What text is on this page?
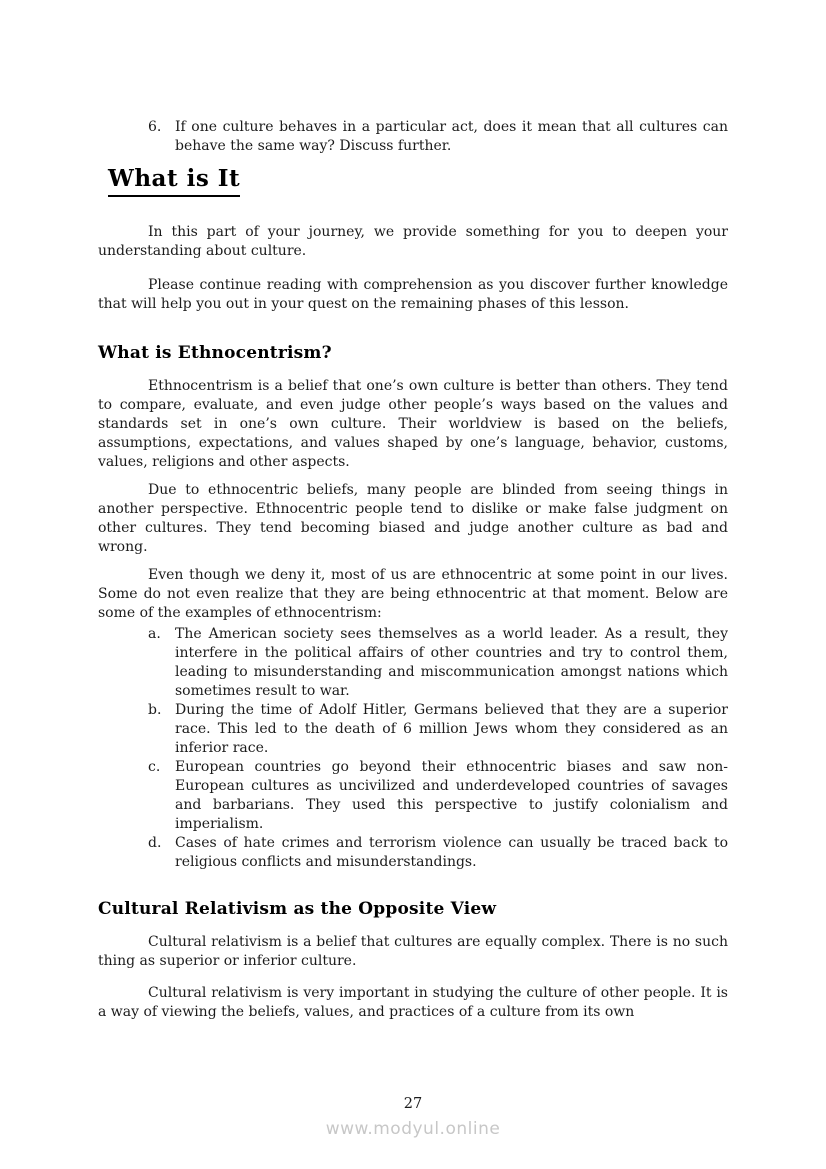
6. If one culture behaves in a particular act, does it mean that all cultures can behave the same way? Discuss further.
What is It

In this part of your journey, we provide something for you to deepen your understanding about culture.

Please continue reading with comprehension as you discover further knowledge that will help you out in your quest on the remaining phases of this lesson.

What is Ethnocentrism?

Ethnocentrism is a belief that one’s own culture is better than others. They tend to compare, evaluate, and even judge other people’s ways based on the values and standards set in one’s own culture. Their worldview is based on the beliefs, assumptions, expectations, and values shaped by one’s language, behavior, customs, values, religions and other aspects.

Due to ethnocentric beliefs, many people are blinded from seeing things in another perspective. Ethnocentric people tend to dislike or make false judgment on other cultures. They tend becoming biased and judge another culture as bad and wrong.

Even though we deny it, most of us are ethnocentric at some point in our lives. Some do not even realize that they are being ethnocentric at that moment. Below are some of the examples of ethnocentrism:

a.	The American society sees themselves as a world leader. As a result, they interfere in the political affairs of other countries and try to control them, leading to misunderstanding and miscommunication amongst nations which sometimes result to war.
b. During the time of Adolf Hitler, Germans believed that they are a superior race. This led to the death of 6 million Jews whom they considered as an inferior race.
c.	European countries go beyond their ethnocentric biases and saw non-European cultures as uncivilized and underdeveloped countries of savages and barbarians. They used this perspective to justify colonialism and imperialism.
d. Cases of hate crimes and terrorism violence can usually be traced back to religious conflicts and misunderstandings.
Cultural Relativism as the Opposite View

Cultural relativism is a belief that cultures are equally complex. There is no such thing as superior or inferior culture.

Cultural relativism is very important in studying the culture of other people. It is a way of viewing the beliefs, values, and practices of a culture from its own

27
www.modyul.online
